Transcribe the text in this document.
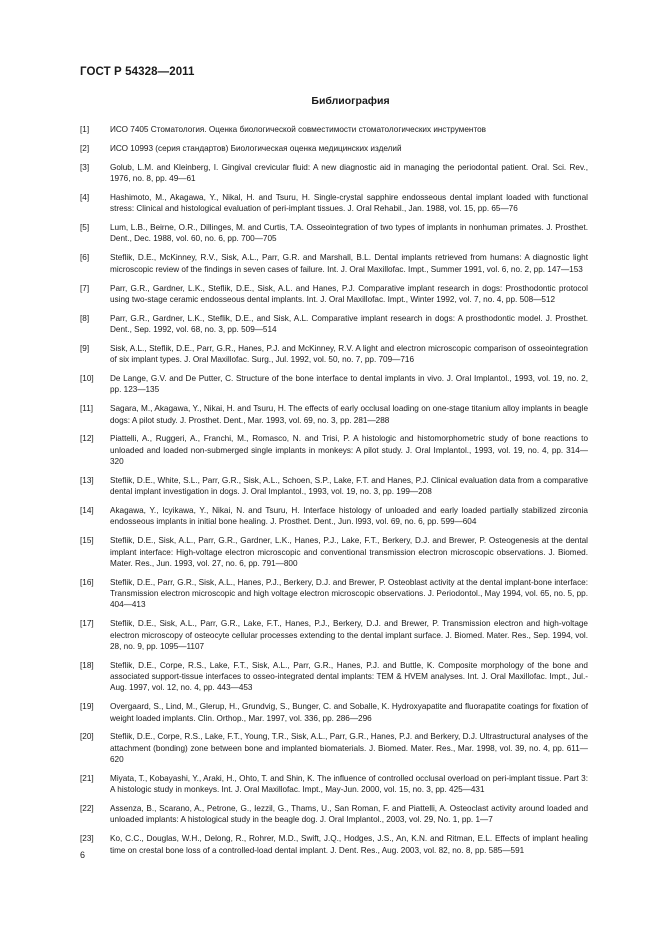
ГОСТ Р 54328—2011
Библиография
[1]	ИСО 7405 Стоматология. Оценка биологической совместимости стоматологических инструментов
[2]	ИСО 10993 (серия стандартов) Биологическая оценка медицинских изделий
[3]	Golub, L.M. and Kleinberg, I. Gingival crevicular fluid: A new diagnostic aid in managing the periodontal patient. Oral. Sci. Rev., 1976, no. 8, pp. 49—61
[4]	Hashimoto, M., Akagawa, Y., Nikal, H. and Tsuru, H. Single-crystal sapphire endosseous dental implant loaded with functional stress: Clinical and histological evaluation of peri-implant tissues. J. Oral Rehabil., Jan. 1988, vol. 15, pp. 65—76
[5]	Lum, L.B., Beirne, O.R., Dillinges, M. and Curtis, T.A. Osseointegration of two types of implants in nonhuman primates. J. Prosthet. Dent., Dec. 1988, vol. 60, no. 6, pp. 700—705
[6]	Steflik, D.E., McKinney, R.V., Sisk, A.L., Parr, G.R. and Marshall, B.L. Dental implants retrieved from humans: A diagnostic light microscopic review of the findings in seven cases of failure. Int. J. Oral Maxillofac. Impt., Summer 1991, vol. 6, no. 2, pp. 147—153
[7]	Parr, G.R., Gardner, L.K., Steflik, D.E., Sisk, A.L. and Hanes, P.J. Comparative implant research in dogs: Prosthodontic protocol using two-stage ceramic endosseous dental implants. Int. J. Oral Maxillofac. Impt., Winter 1992, vol. 7, no. 4, pp. 508—512
[8]	Parr, G.R., Gardner, L.K., Steflik, D.E., and Sisk, A.L. Comparative implant research in dogs: A prosthodontic model. J. Prosthet. Dent., Sep. 1992, vol. 68, no. 3, pp. 509—514
[9]	Sisk, A.L., Steflik, D.E., Parr, G.R., Hanes, P.J. and McKinney, R.V. A light and electron microscopic comparison of osseointegration of six implant types. J. Oral Maxillofac. Surg., Jul. 1992, vol. 50, no. 7, pp. 709—716
[10] De Lange, G.V. and De Putter, C. Structure of the bone interface to dental implants in vivo. J. Oral Implantol., 1993, vol. 19, no. 2, pp. 123—135
[11] Sagara, M., Akagawa, Y., Nikai, H. and Tsuru, H. The effects of early occlusal loading on one-stage titanium alloy implants in beagle dogs: A pilot study. J. Prosthet. Dent., Mar. 1993, vol. 69, no. 3, pp. 281—288
[12] Piattelli, A., Ruggeri, A., Franchi, M., Romasco, N. and Trisi, P. A histologic and histomorphometric study of bone reactions to unloaded and loaded non-submerged single implants in monkeys: A pilot study. J. Oral Implantol., 1993, vol. 19, no. 4, pp. 314—320
[13] Steflik, D.E., White, S.L., Parr, G.R., Sisk, A.L., Schoen, S.P., Lake, F.T. and Hanes, P.J. Clinical evaluation data from a comparative dental implant investigation in dogs. J. Oral Implantol., 1993, vol. 19, no. 3, pp. 199—208
[14] Akagawa, Y., Icyikawa, Y., Nikai, N. and Tsuru, H. Interface histology of unloaded and early loaded partially stabilized zirconia endosseous implants in initial bone healing. J. Prosthet. Dent., Jun. l993, vol. 69, no. 6, pp. 599—604
[15] Steflik, D.E., Sisk, A.L., Parr, G.R., Gardner, L.K., Hanes, P.J., Lake, F.T., Berkery, D.J. and Brewer, P. Osteogenesis at the dental implant interface: High-voltage electron microscopic and conventional transmission electron microscopic observations. J. Biomed. Mater. Res., Jun. 1993, vol. 27, no. 6, pp. 791—800
[16] Steflik, D.E., Parr, G.R., Sisk, A.L., Hanes, P.J., Berkery, D.J. and Brewer, P. Osteoblast activity at the dental implant-bone interface: Transmission electron microscopic and high voltage electron microscopic observations. J. Periodontol., May 1994, vol. 65, no. 5, pp. 404—413
[17] Steflik, D.E., Sisk, A.L., Parr, G.R., Lake, F.T., Hanes, P.J., Berkery, D.J. and Brewer, P. Transmission electron and high-voltage electron microscopy of osteocyte cellular processes extending to the dental implant surface. J. Biomed. Mater. Res., Sep. 1994, vol. 28, no. 9, pp. 1095—1107
[18] Steflik, D.E., Corpe, R.S., Lake, F.T., Sisk, A.L., Parr, G.R., Hanes, P.J. and Buttle, K. Composite morphology of the bone and associated support-tissue interfaces to osseo-integrated dental implants: TEM & HVEM analyses. Int. J. Oral Maxillofac. Impt., Jul.-Aug. 1997, vol. 12, no. 4, pp. 443—453
[19] Overgaard, S., Lind, M., Glerup, H., Grundvig, S., Bunger, C. and Soballe, K. Hydroxyapatite and fluorapatite coatings for fixation of weight loaded implants. Clin. Orthop., Mar. 1997, vol. 336, pp. 286—296
[20] Steflik, D.E., Corpe, R.S., Lake, F.T., Young, T.R., Sisk, A.L., Parr, G.R., Hanes, P.J. and Berkery, D.J. Ultrastructural analyses of the attachment (bonding) zone between bone and implanted biomaterials. J. Biomed. Mater. Res., Mar. 1998, vol. 39, no. 4, pp. 611—620
[21] Miyata, T., Kobayashi, Y., Araki, H., Ohto, T. and Shin, K. The influence of controlled occlusal overload on peri-implant tissue. Part 3: A histologic study in monkeys. Int. J. Oral Maxillofac. Impt., May-Jun. 2000, vol. 15, no. 3, pp. 425—431
[22] Assenza, B., Scarano, A., Petrone, G., Iezzil, G., Thams, U., San Roman, F. and Piattelli, A. Osteoclast activity around loaded and unloaded implants: A histological study in the beagle dog. J. Oral Implantol., 2003, vol. 29, No. 1, pp. 1—7
[23] Ko, C.C., Douglas, W.H., Delong, R., Rohrer, M.D., Swift, J.Q., Hodges, J.S., An, K.N. and Ritman, E.L. Effects of implant healing time on crestal bone loss of a controlled-load dental implant. J. Dent. Res., Aug. 2003, vol. 82, no. 8, pp. 585—591
6
